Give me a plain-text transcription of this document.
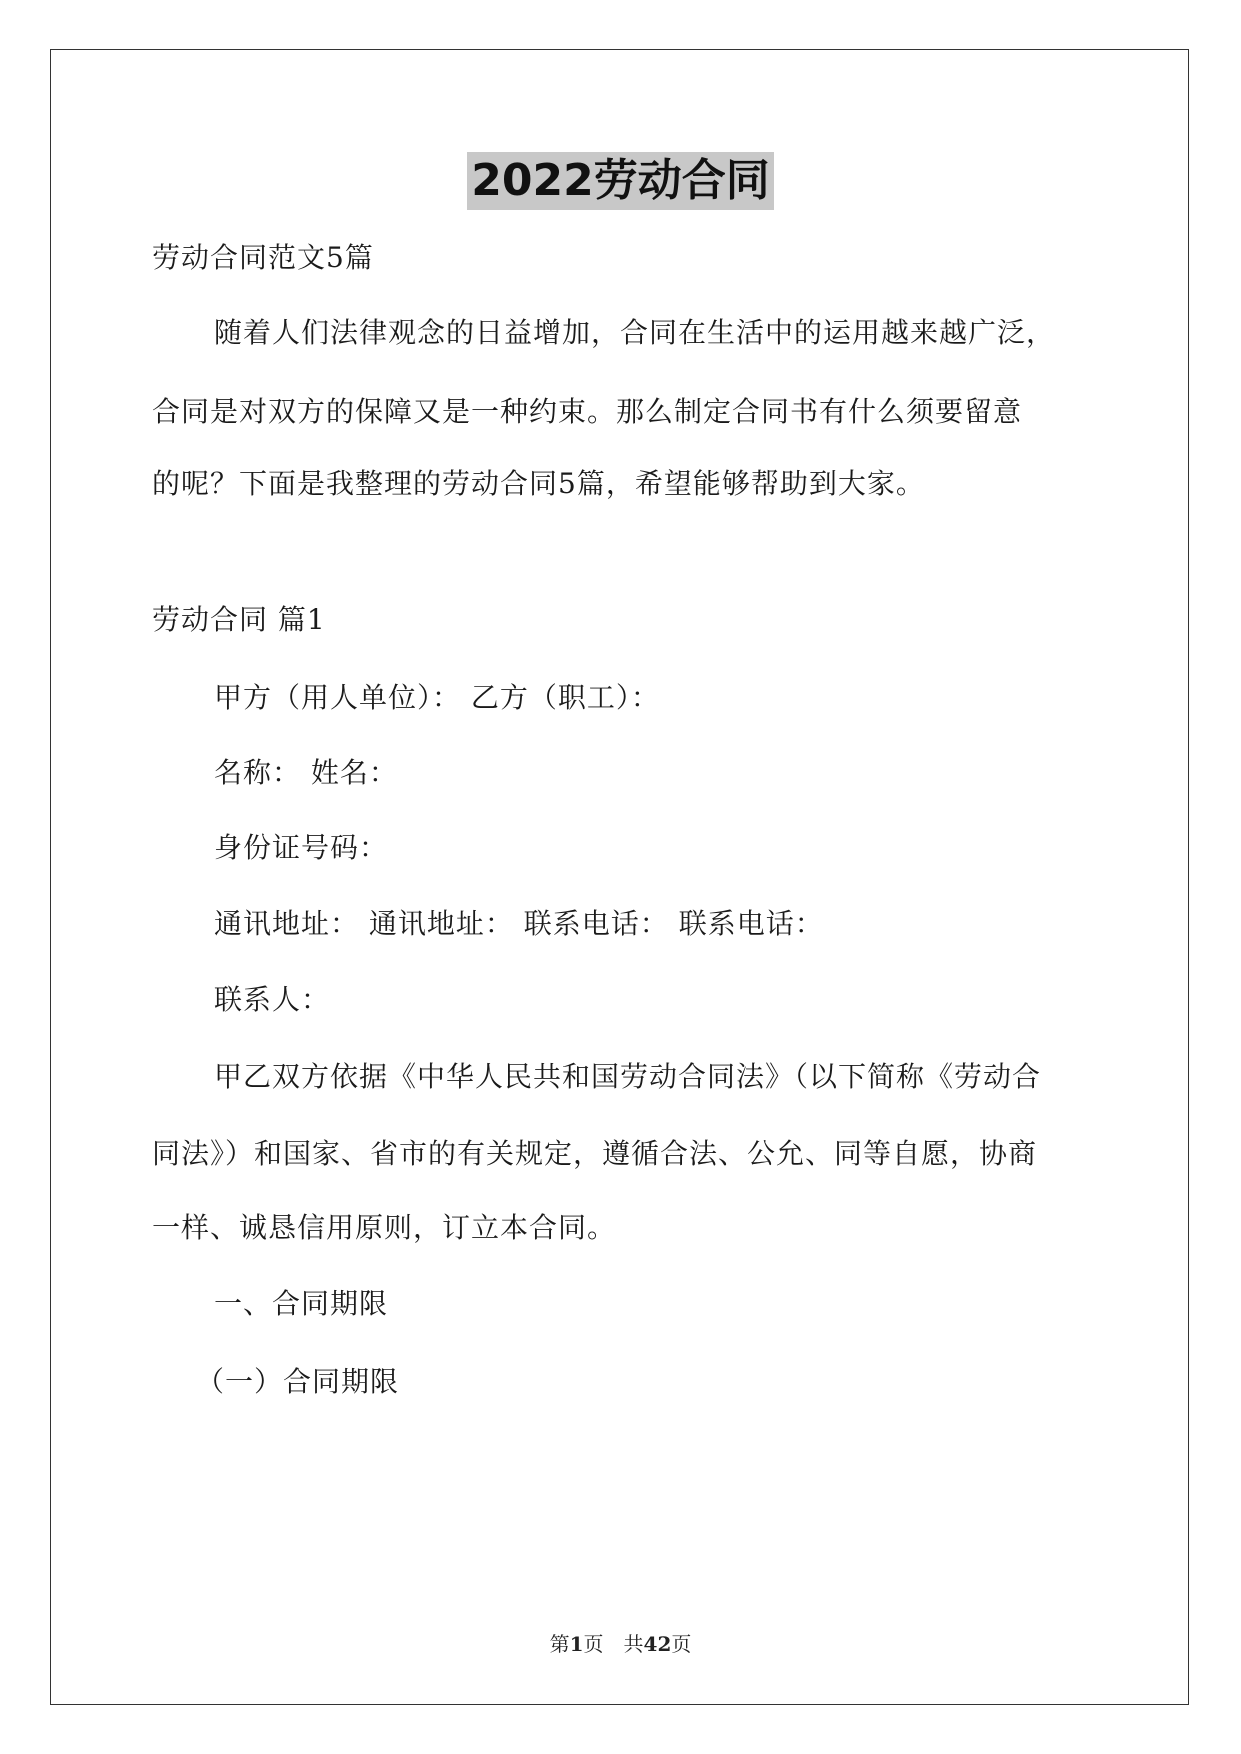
2022劳动合同
劳动合同范文5篇
随着人们法律观念的日益增加，合同在生活中的运用越来越广泛，
合同是对双方的保障又是一种约束。那么制定合同书有什么须要留意
的呢？下面是我整理的劳动合同5篇，希望能够帮助到大家。
劳动合同 篇1
甲方（用人单位）： 乙方（职工）：
名称： 姓名：
身份证号码：
通讯地址： 通讯地址： 联系电话： 联系电话：
联系人：
甲乙双方依据《中华人民共和国劳动合同法》（以下简称《劳动合
同法》）和国家、省市的有关规定，遵循合法、公允、同等自愿，协商
一样、诚恳信用原则，订立本合同。
一、合同期限
（一）合同期限
第1页　共42页
